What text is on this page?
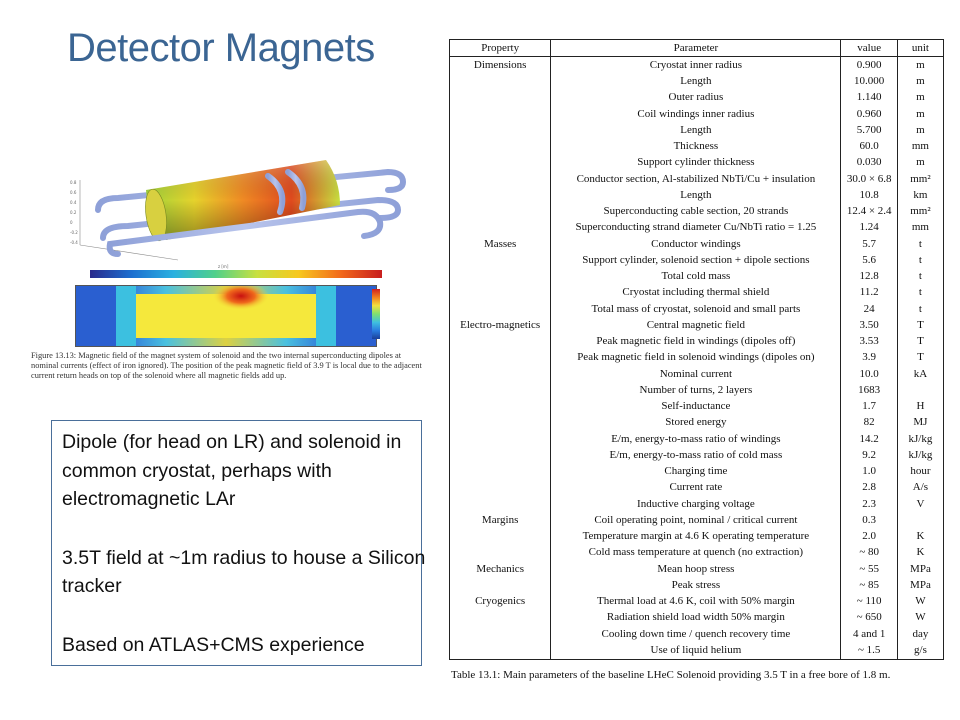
Detector Magnets
0.8
0.6
0.4
0.2
0
-0.2
-0.4
z [m]
Figure 13.13: Magnetic field of the magnet system of solenoid and the two internal superconducting dipoles at nominal currents (effect of iron ignored). The position of the peak magnetic field of 3.9 T is local due to the adjacent current return heads on top of the solenoid where all magnetic fields add up.

Dipole (for head on LR) and solenoid in common cryostat, perhaps with electromagnetic LAr

3.5T field at ~1m radius to house a Silicon tracker

Based on ATLAS+CMS experience

Property	Parameter	value	unit
Dimensions	Cryostat inner radius	0.900	m
	Length	10.000	m
	Outer radius	1.140	m
	Coil windings inner radius	0.960	m
	Length	5.700	m
	Thickness	60.0	mm
	Support cylinder thickness	0.030	m
	Conductor section, Al-stabilized NbTi/Cu + insulation	30.0 × 6.8	mm²
	Length	10.8	km
	Superconducting cable section, 20 strands	12.4 × 2.4	mm²
	Superconducting strand diameter Cu/NbTi ratio = 1.25	1.24	mm
Masses	Conductor windings	5.7	t
	Support cylinder, solenoid section + dipole sections	5.6	t
	Total cold mass	12.8	t
	Cryostat including thermal shield	11.2	t
	Total mass of cryostat, solenoid and small parts	24	t
Electro-magnetics	Central magnetic field	3.50	T
	Peak magnetic field in windings (dipoles off)	3.53	T
	Peak magnetic field in solenoid windings (dipoles on)	3.9	T
	Nominal current	10.0	kA
	Number of turns, 2 layers	1683	
	Self-inductance	1.7	H
	Stored energy	82	MJ
	E/m, energy-to-mass ratio of windings	14.2	kJ/kg
	E/m, energy-to-mass ratio of cold mass	9.2	kJ/kg
	Charging time	1.0	hour
	Current rate	2.8	A/s
	Inductive charging voltage	2.3	V
Margins	Coil operating point, nominal / critical current	0.3	
	Temperature margin at 4.6 K operating temperature	2.0	K
	Cold mass temperature at quench (no extraction)	~ 80	K
Mechanics	Mean hoop stress	~ 55	MPa
	Peak stress	~ 85	MPa
Cryogenics	Thermal load at 4.6 K, coil with 50% margin	~ 110	W
	Radiation shield load width 50% margin	~ 650	W
	Cooling down time / quench recovery time	4 and 1	day
	Use of liquid helium	~ 1.5	g/s
Table 13.1: Main parameters of the baseline LHeC Solenoid providing 3.5 T in a free bore of 1.8 m.
